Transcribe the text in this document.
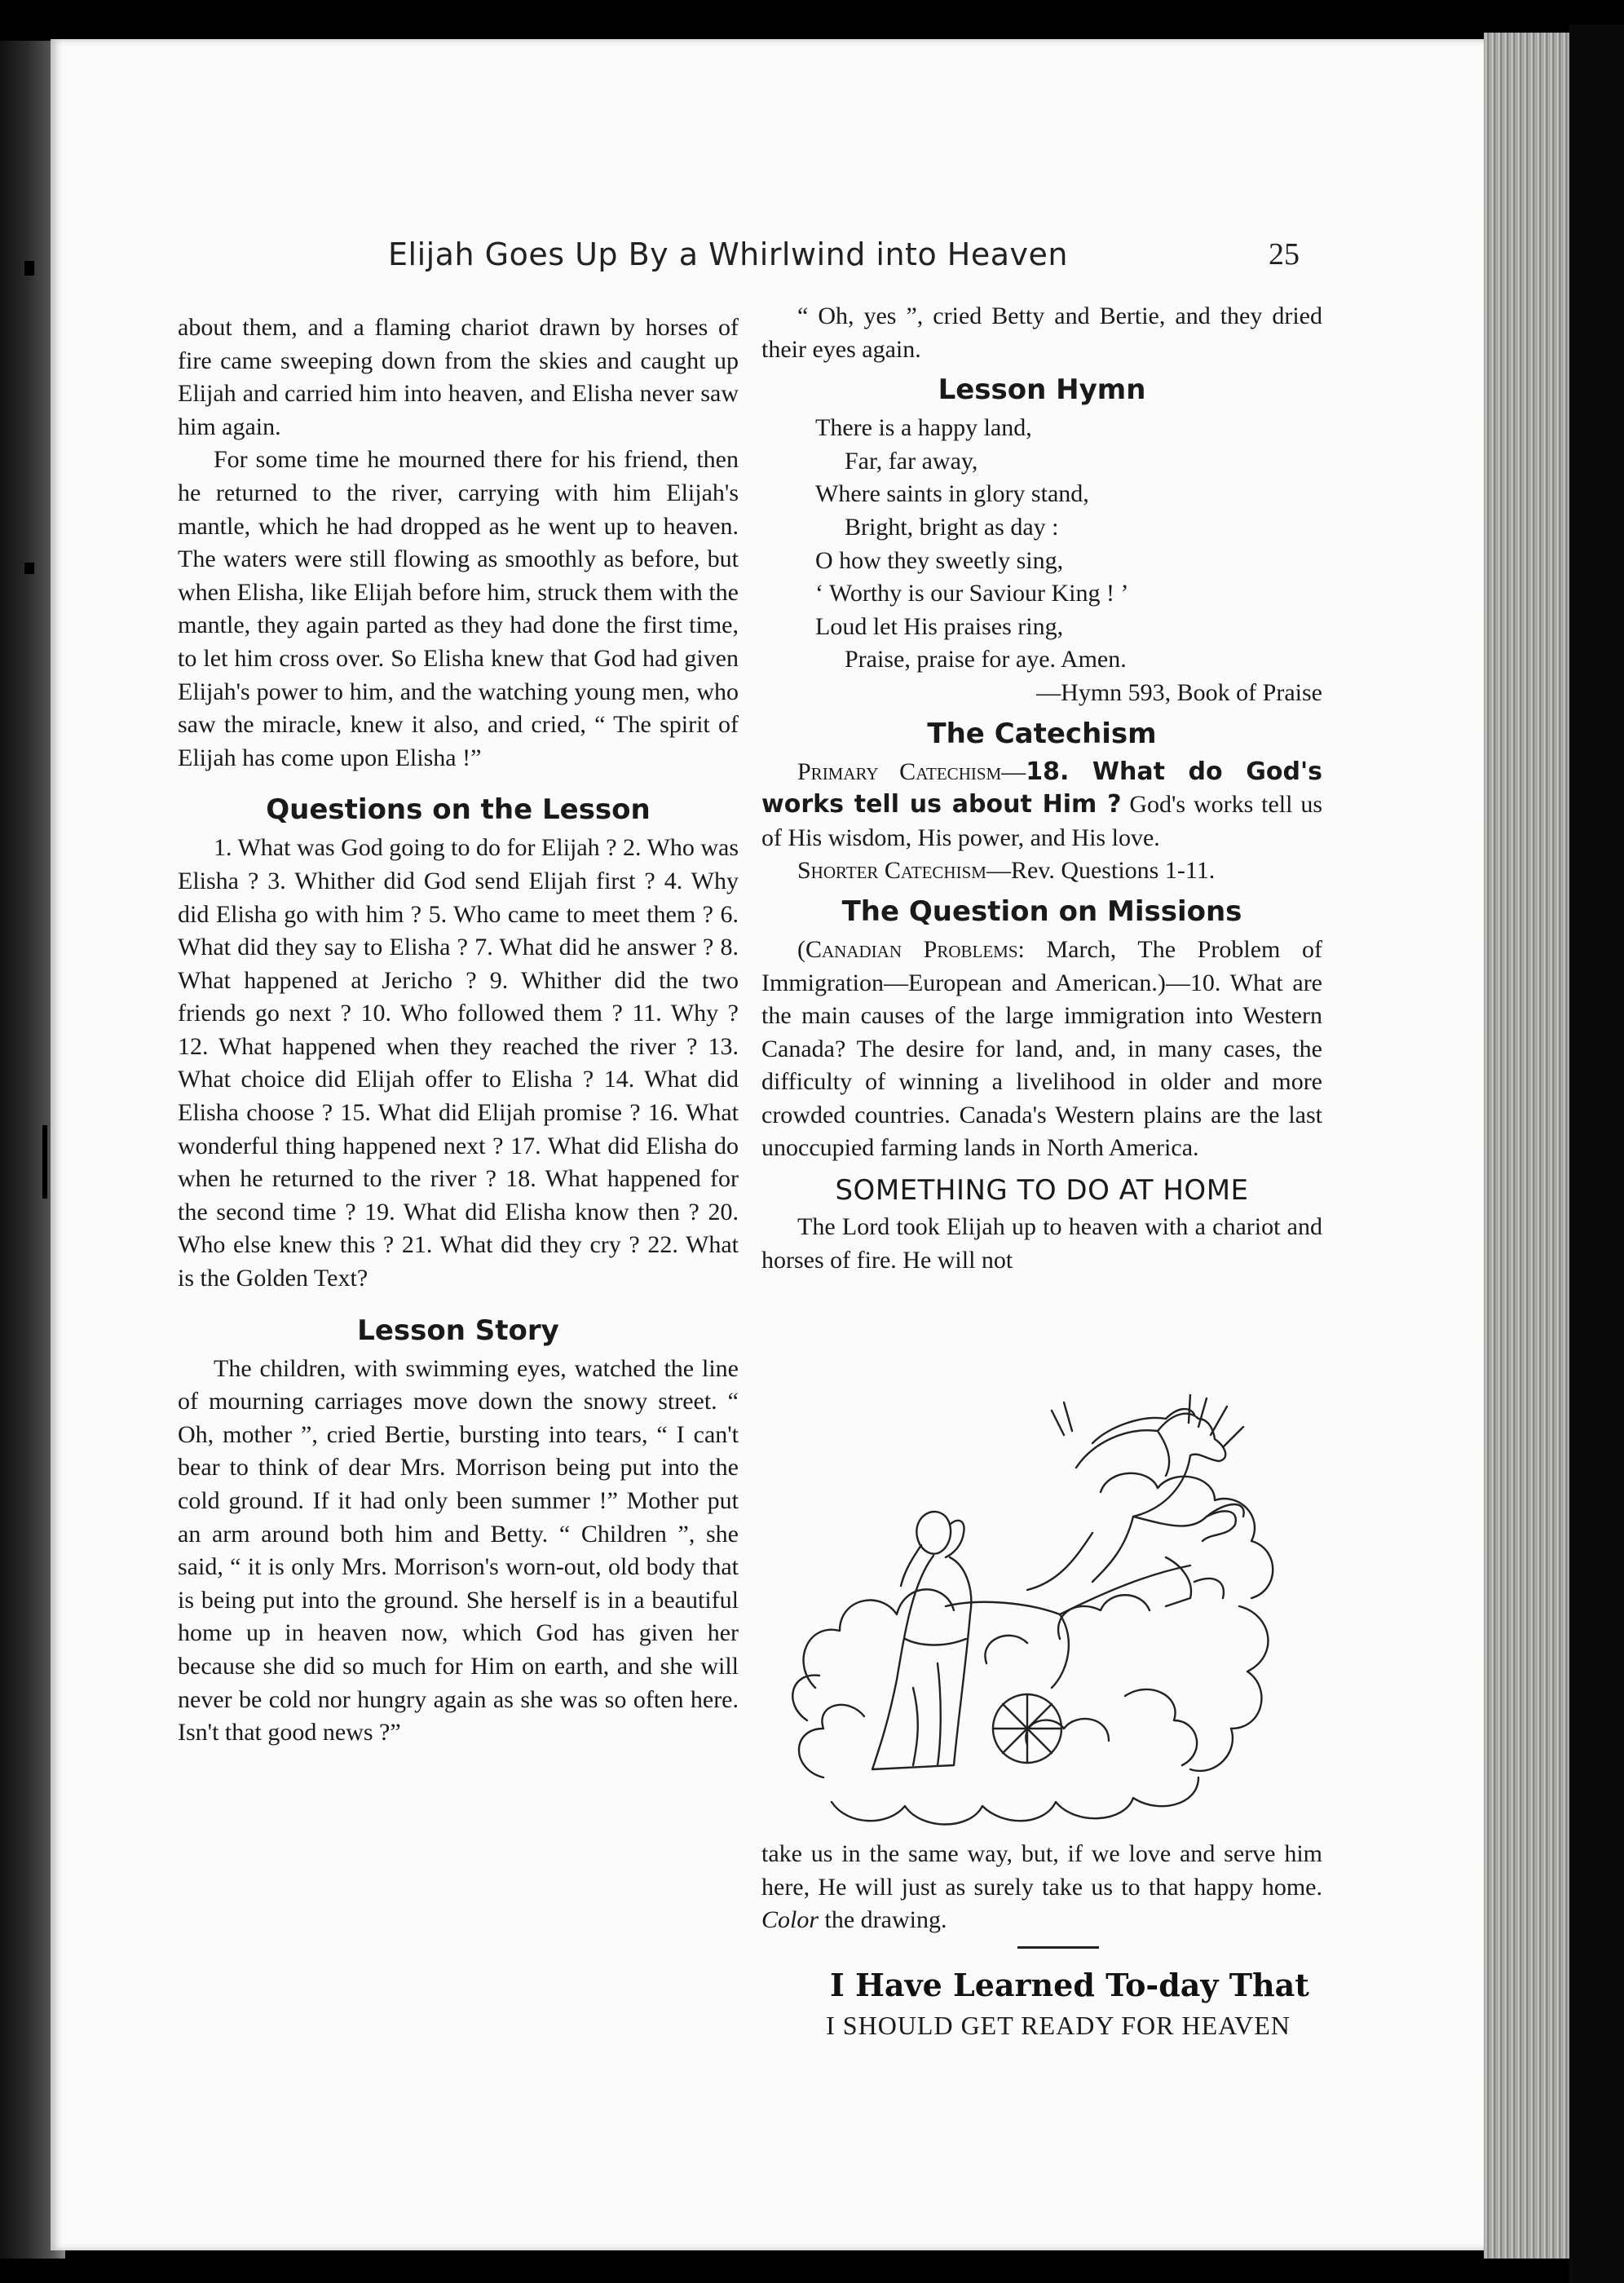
Elijah Goes Up By a Whirlwind into Heaven	25

about them, and a flaming chariot drawn by horses of fire came sweeping down from the skies and caught up Elijah and carried him into heaven, and Elisha never saw him again.

For some time he mourned there for his friend, then he returned to the river, carrying with him Elijah's mantle, which he had dropped as he went up to heaven. The waters were still flowing as smoothly as before, but when Elisha, like Elijah before him, struck them with the mantle, they again parted as they had done the first time, to let him cross over. So Elisha knew that God had given Elijah's power to him, and the watching young men, who saw the miracle, knew it also, and cried, “ The spirit of Elijah has come upon Elisha !”

Questions on the Lesson

1. What was God going to do for Elijah ? 2. Who was Elisha ? 3. Whither did God send Elijah first ? 4. Why did Elisha go with him ? 5. Who came to meet them ? 6. What did they say to Elisha ? 7. What did he answer ? 8. What happened at Jericho ? 9. Whither did the two friends go next ? 10. Who followed them ? 11. Why ? 12. What happened when they reached the river ? 13. What choice did Elijah offer to Elisha ? 14. What did Elisha choose ? 15. What did Elijah promise ? 16. What wonderful thing happened next ? 17. What did Elisha do when he returned to the river ? 18. What happened for the second time ? 19. What did Elisha know then ? 20. Who else knew this ? 21. What did they cry ? 22. What is the Golden Text?

Lesson Story

The children, with swimming eyes, watched the line of mourning carriages move down the snowy street. “ Oh, mother ”, cried Bertie, bursting into tears, “ I can't bear to think of dear Mrs. Morrison being put into the cold ground. If it had only been summer !” Mother put an arm around both him and Betty. “ Children ”, she said, “ it is only Mrs. Morrison's worn-out, old body that is being put into the ground. She herself is in a beautiful home up in heaven now, which God has given her because she did so much for Him on earth, and she will never be cold nor hungry again as she was so often here. Isn't that good news ?”

“ Oh, yes ”, cried Betty and Bertie, and they dried their eyes again.

Lesson Hymn
There is a happy land,
Far, far away,
Where saints in glory stand,
Bright, bright as day :
O how they sweetly sing,
‘ Worthy is our Saviour King ! ’
Loud let His praises ring,
Praise, praise for aye. Amen.
—Hymn 593, Book of Praise
The Catechism

Primary Catechism—18. What do God's works tell us about Him ? God's works tell us of His wisdom, His power, and His love.

Shorter Catechism—Rev. Questions 1-11.

The Question on Missions

(Canadian Problems: March, The Problem of Immigration—European and American.)—10. What are the main causes of the large immigration into Western Canada? The desire for land, and, in many cases, the difficulty of winning a livelihood in older and more crowded countries. Canada's Western plains are the last unoccupied farming lands in North America.

SOMETHING TO DO AT HOME

The Lord took Elijah up to heaven with a chariot and horses of fire. He will not

take us in the same way, but, if we love and serve him here, He will just as surely take us to that happy home. Color the drawing.

I Have Learned To-day That
I SHOULD GET READY FOR HEAVEN
